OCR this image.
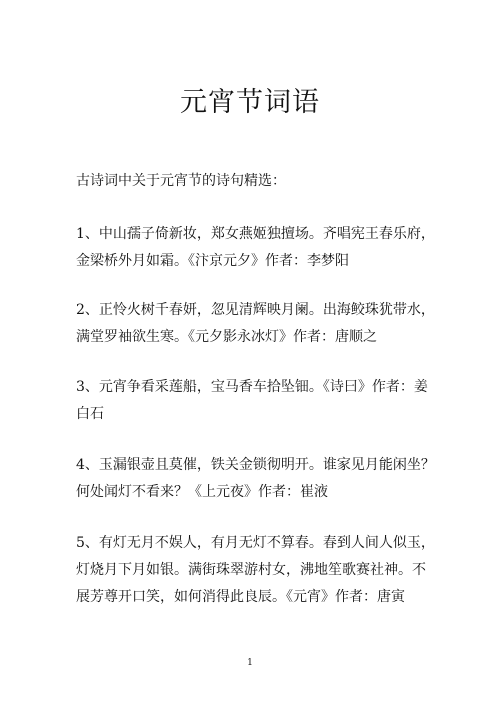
元宵节词语

古诗词中关于元宵节的诗句精选：

1、中山孺子倚新妆，郑女燕姬独擅场。齐唱宪王春乐府，
金梁桥外月如霜。《汴京元夕》作者：李梦阳
2、正怜火树千春妍，忽见清辉映月阑。出海鲛珠犹带水，
满堂罗袖欲生寒。《元夕影永冰灯》作者：唐顺之
3、元宵争看采莲船，宝马香车拾坠钿。《诗曰》作者：姜
白石
4、玉漏银壶且莫催，铁关金锁彻明开。谁家见月能闲坐？
何处闻灯不看来？《上元夜》作者：崔液
5、有灯无月不娱人，有月无灯不算春。春到人间人似玉，
灯烧月下月如银。满街珠翠游村女，沸地笙歌赛社神。不
展芳尊开口笑，如何消得此良辰。《元宵》作者：唐寅

1
